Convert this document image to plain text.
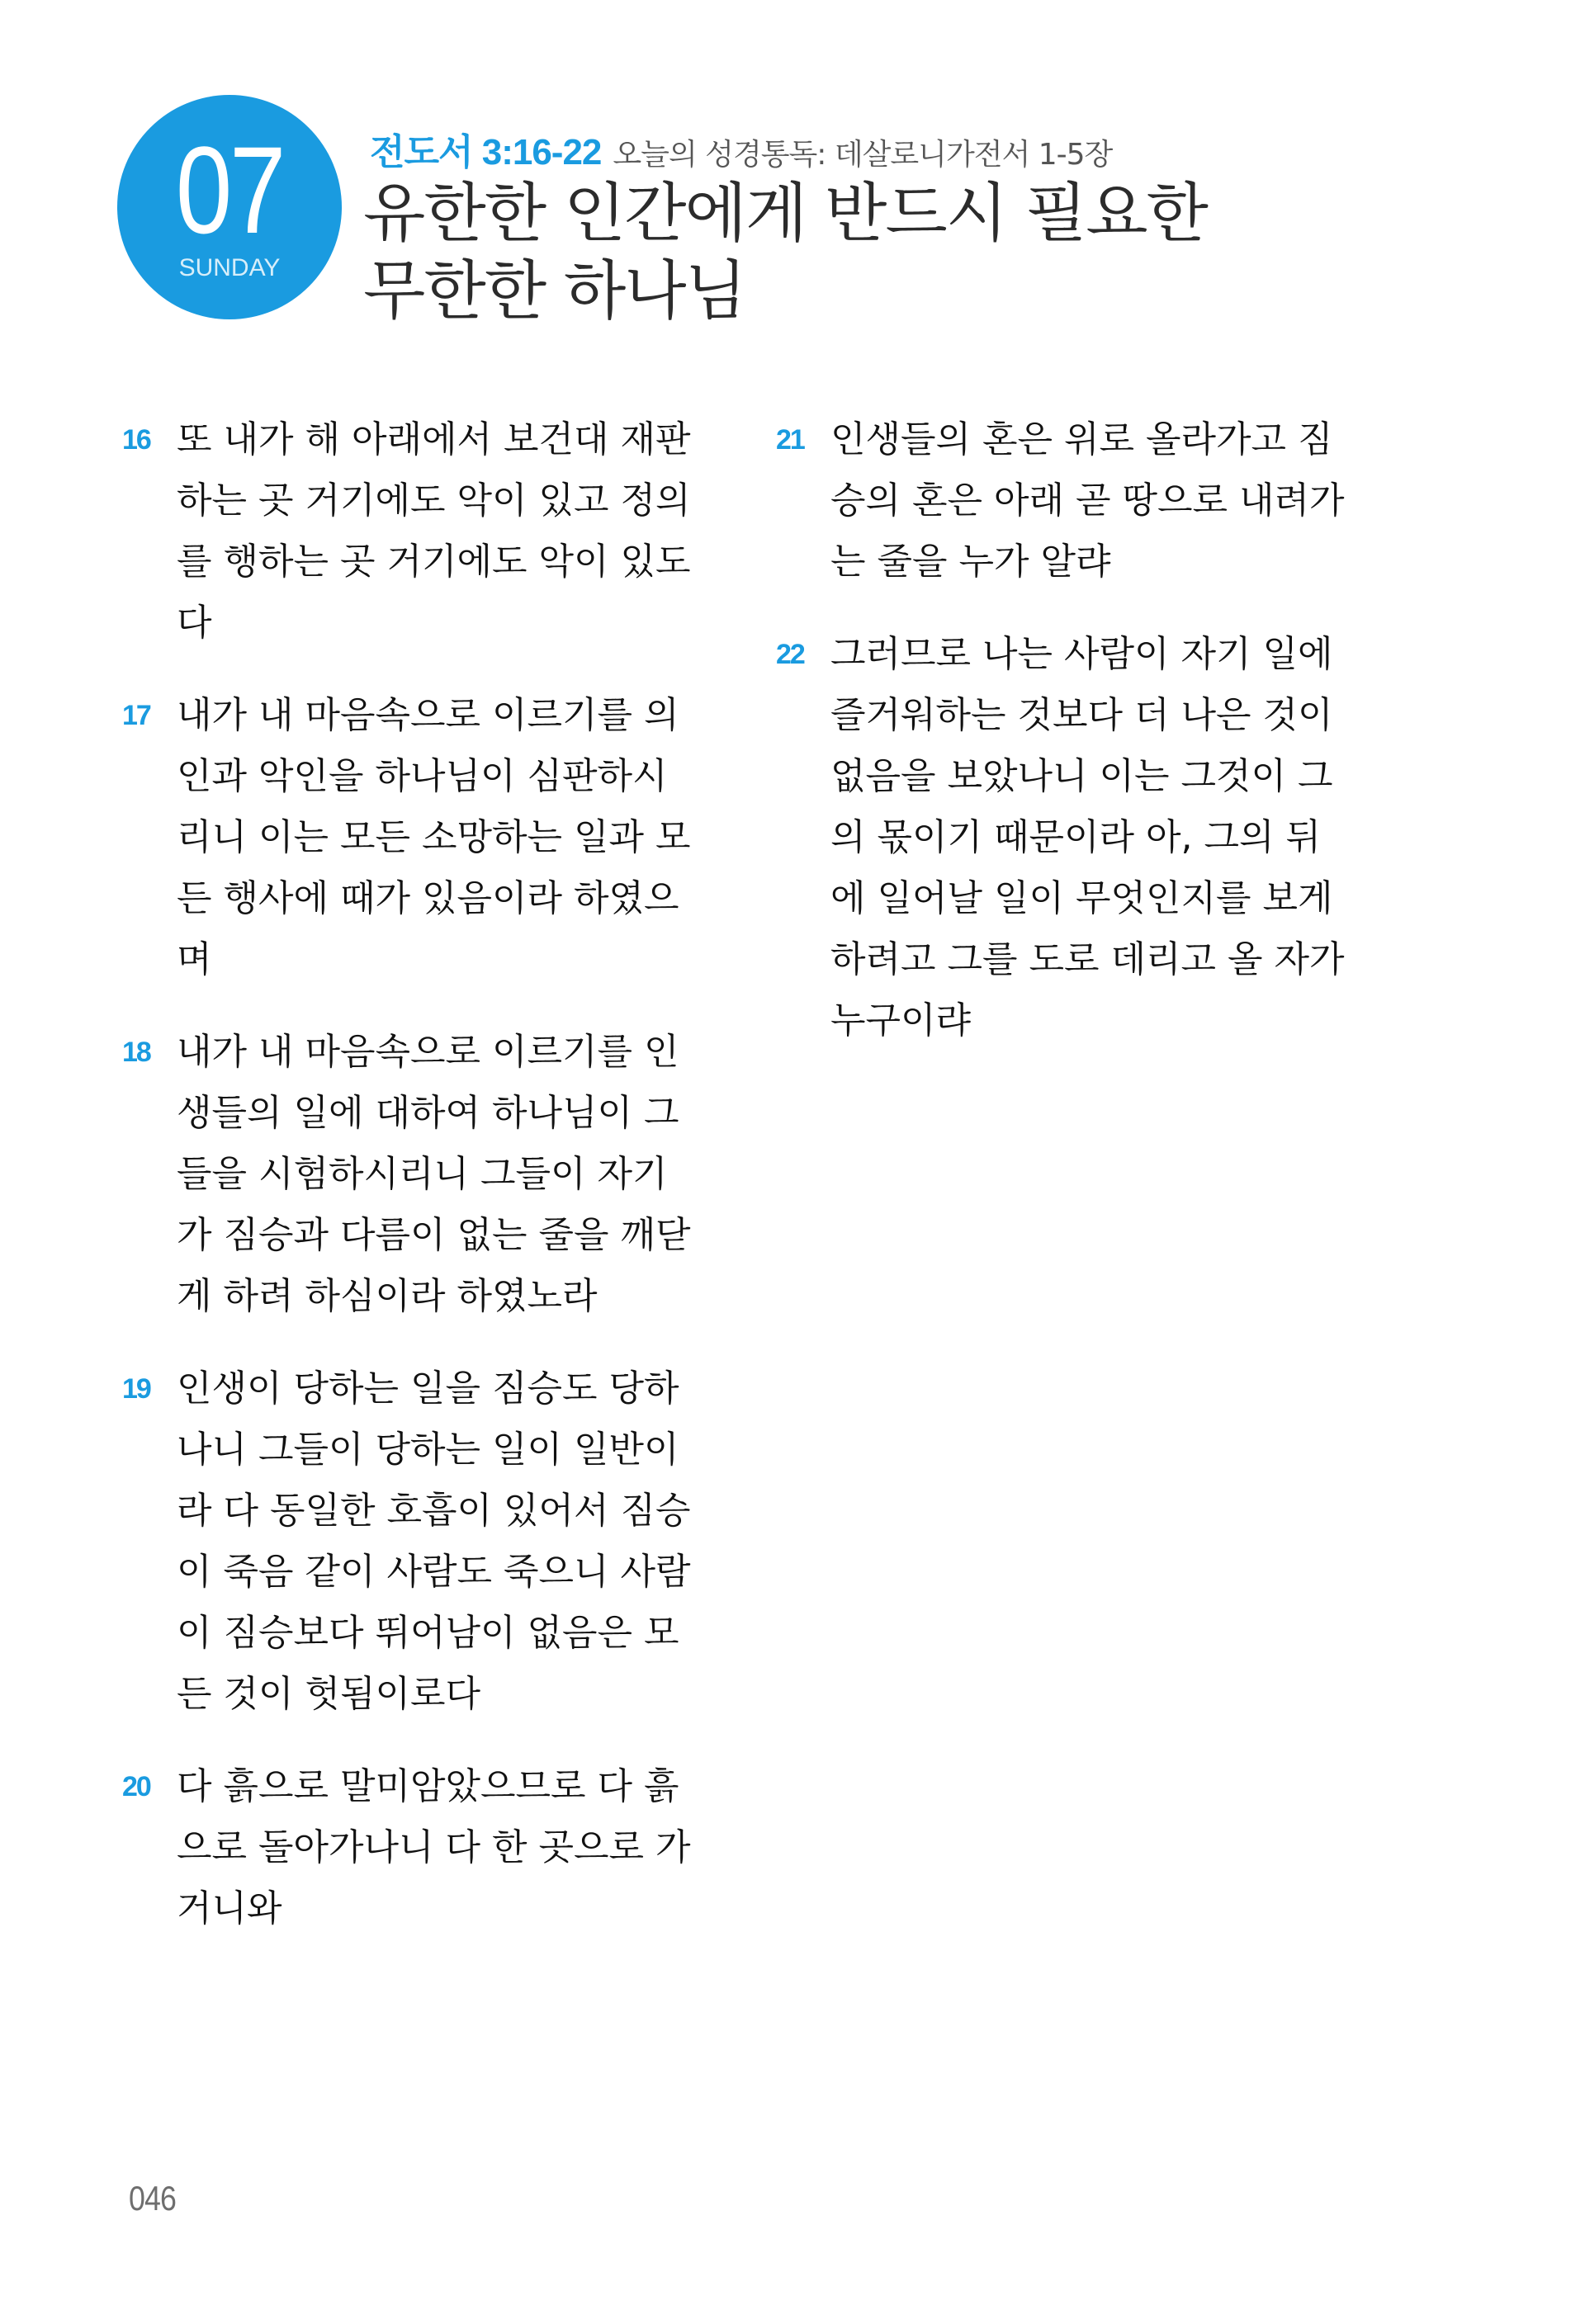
07
SUNDAY
전도서 3:16-22 오늘의 성경통독: 데살로니가전서 1-5장
유한한 인간에게 반드시 필요한
무한한 하나님
16 또 내가 해 아래에서 보건대 재판
하는 곳 거기에도 악이 있고 정의
를 행하는 곳 거기에도 악이 있도
다
17 내가 내 마음속으로 이르기를 의
인과 악인을 하나님이 심판하시
리니 이는 모든 소망하는 일과 모
든 행사에 때가 있음이라 하였으
며
18 내가 내 마음속으로 이르기를 인
생들의 일에 대하여 하나님이 그
들을 시험하시리니 그들이 자기
가 짐승과 다름이 없는 줄을 깨닫
게 하려 하심이라 하였노라
19 인생이 당하는 일을 짐승도 당하
나니 그들이 당하는 일이 일반이
라 다 동일한 호흡이 있어서 짐승
이 죽음 같이 사람도 죽으니 사람
이 짐승보다 뛰어남이 없음은 모
든 것이 헛됨이로다
20 다 흙으로 말미암았으므로 다 흙
으로 돌아가나니 다 한 곳으로 가
거니와
21 인생들의 혼은 위로 올라가고 짐
승의 혼은 아래 곧 땅으로 내려가
는 줄을 누가 알랴
22 그러므로 나는 사람이 자기 일에
즐거워하는 것보다 더 나은 것이
없음을 보았나니 이는 그것이 그
의 몫이기 때문이라 아, 그의 뒤
에 일어날 일이 무엇인지를 보게
하려고 그를 도로 데리고 올 자가
누구이랴
046
